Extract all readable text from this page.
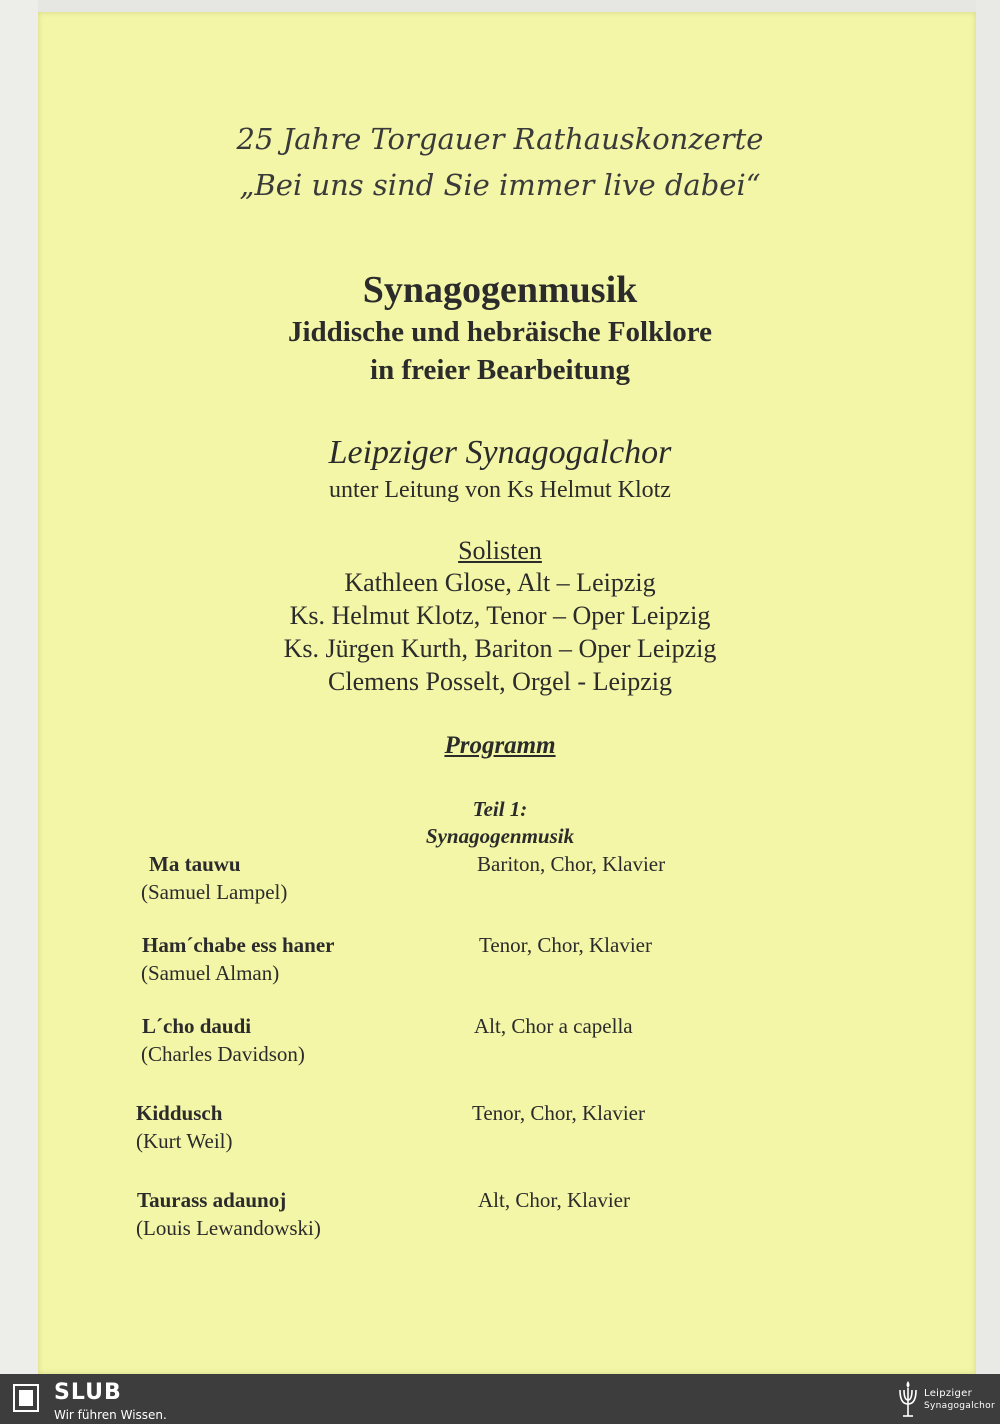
25 Jahre Torgauer Rathauskonzerte
„Bei uns sind Sie immer live dabei“
Synagogenmusik
Jiddische und hebräische Folklore
in freier Bearbeitung
Leipziger Synagogalchor
unter Leitung von Ks Helmut Klotz
Solisten
Kathleen Glose, Alt – Leipzig
Ks. Helmut Klotz, Tenor – Oper Leipzig
Ks. Jürgen Kurth, Bariton – Oper Leipzig
Clemens Posselt, Orgel - Leipzig
Programm
Teil 1:
Synagogenmusik
Ma tauwu	Bariton, Chor, Klavier
(Samuel Lampel)
Ham´chabe ess haner	Tenor, Chor, Klavier
(Samuel Alman)
L´cho daudi	Alt, Chor a capella
(Charles Davidson)
Kiddusch	Tenor, Chor, Klavier
(Kurt Weil)
Taurass adaunoj	Alt, Chor, Klavier
(Louis Lewandowski)
SLUB
Wir führen Wissen.
Leipziger
Synagogalchor
